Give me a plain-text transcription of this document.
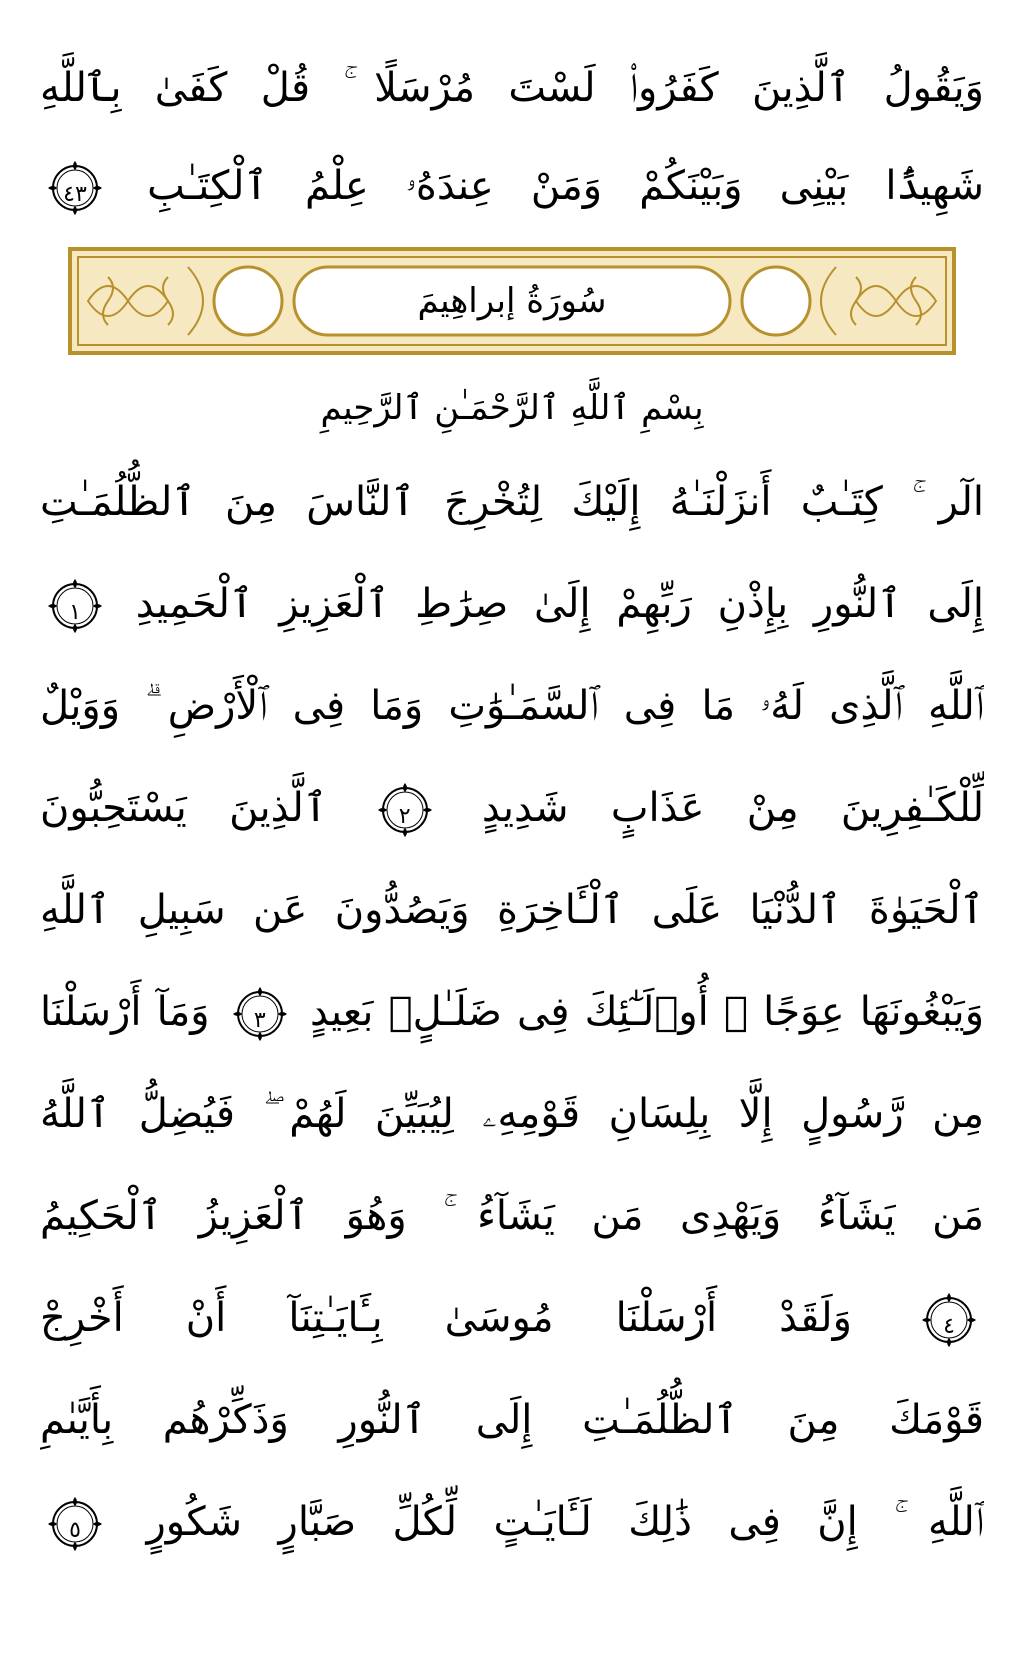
وَيَقُولُ ٱلَّذِينَ كَفَرُوا۟ لَسْتَ مُرْسَلًا ۚ قُلْ كَفَىٰ بِٱللَّهِ
شَهِيدًۢا بَيْنِى وَبَيْنَكُمْ وَمَنْ عِندَهُۥ عِلْمُ ٱلْكِتَـٰبِ
٤٣
سُورَةُ إبراهِيمَ
بِسْمِ ٱللَّهِ ٱلرَّحْمَـٰنِ ٱلرَّحِيمِ
الٓر ۚ كِتَـٰبٌ أَنزَلْنَـٰهُ إِلَيْكَ لِتُخْرِجَ ٱلنَّاسَ مِنَ ٱلظُّلُمَـٰتِ
إِلَى ٱلنُّورِ بِإِذْنِ رَبِّهِمْ إِلَىٰ صِرَٰطِ ٱلْعَزِيزِ ٱلْحَمِيدِ
١
ٱللَّهِ ٱلَّذِى لَهُۥ مَا فِى ٱلسَّمَـٰوَٰتِ وَمَا فِى ٱلْأَرْضِ ۗ وَوَيْلٌ
لِّلْكَـٰفِرِينَ مِنْ عَذَابٍ شَدِيدٍ
٢ ٱلَّذِينَ يَسْتَحِبُّونَ
ٱلْحَيَوٰةَ ٱلدُّنْيَا عَلَى ٱلْـَٔاخِرَةِ وَيَصُدُّونَ عَن سَبِيلِ ٱللَّهِ
وَيَبْغُونَهَا عِوَجًا ۚ أُو۟لَـٰٓئِكَ فِى ضَلَـٰلٍۭ بَعِيدٍ
٣ وَمَآ أَرْسَلْنَا
مِن رَّسُولٍ إِلَّا بِلِسَانِ قَوْمِهِۦ لِيُبَيِّنَ لَهُمْ ۖ فَيُضِلُّ ٱللَّهُ
مَن يَشَآءُ وَيَهْدِى مَن يَشَآءُ ۚ وَهُوَ ٱلْعَزِيزُ ٱلْحَكِيمُ
٤ وَلَقَدْ أَرْسَلْنَا مُوسَىٰ بِـَٔايَـٰتِنَآ أَنْ أَخْرِجْ
قَوْمَكَ مِنَ ٱلظُّلُمَـٰتِ إِلَى ٱلنُّورِ وَذَكِّرْهُم بِأَيَّىٰمِ
ٱللَّهِ ۚ إِنَّ فِى ذَٰلِكَ لَـَٔايَـٰتٍ لِّكُلِّ صَبَّارٍ شَكُورٍ
٥
